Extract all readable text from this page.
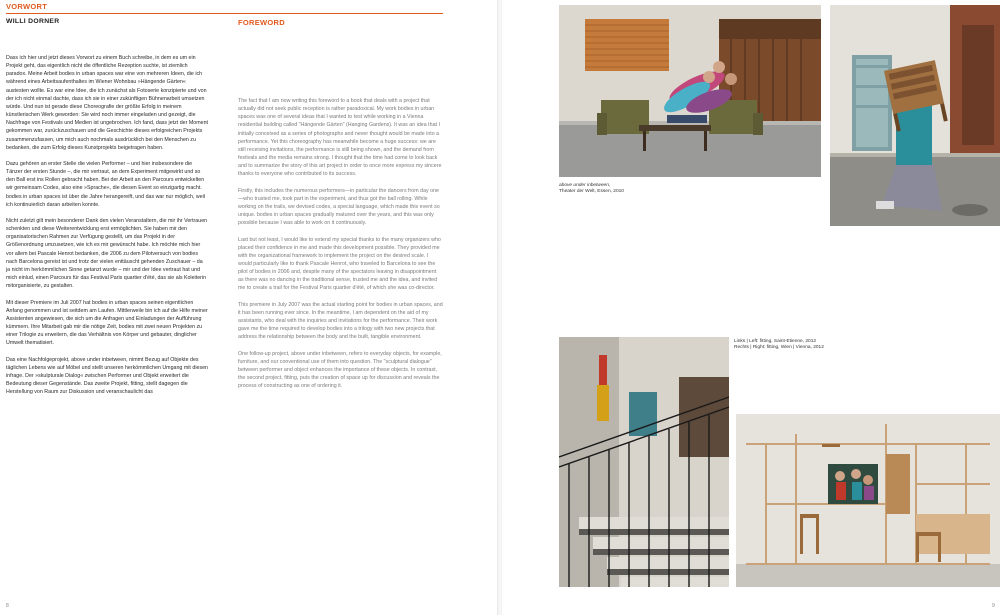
VORWORT
WILLI DORNER	FOREWORD

Dass ich hier und jetzt dieses Vorwort zu einem Buch schreibe, in dem es um ein Projekt geht, das eigentlich nicht die öffentliche Rezeption suchte, ist ziemlich paradox. Meine Arbeit bodies in urban spaces war eine von mehreren Ideen, die ich während eines Arbeitsaufenthaltes im Wiener Wohnbau »Hängende Gärten« austesten wollte. Es war eine Idee, die ich zunächst als Fotoserie konzipierte und von der ich nicht einmal dachte, dass ich sie in einer zukünftigen Bühnenarbeit umsetzen würde. Und nun ist gerade diese Choreografie der größte Erfolg in meinem künstlerischen Werk geworden: Sie wird noch immer eingeladen und gezeigt, die Nachfrage von Festivals und Medien ist ungebrochen. Ich fand, dass jetzt der Moment gekommen war, zurückzuschauen und die Geschichte dieses erfolgreichen Projekts zusammenzufassen, um mich auch nochmals ausdrücklich bei den Menschen zu bedanken, die zum Erfolg dieses Kunstprojekts beigetragen haben.

Dazu gehören an erster Stelle die vielen Performer – und hier insbesondere die Tänzer der ersten Stunde –, die mir vertraut, an dem Experiment mitgewirkt und so den Ball erst ins Rollen gebracht haben. Bei der Arbeit an den Parcours entwickelten wir gemeinsam Codes, also eine »Sprache«, die diesen Event so einzigartig macht. bodies in urban spaces ist über die Jahre herangereift, und das war nur möglich, weil ich kontinuierlich daran arbeiten konnte.

Nicht zuletzt gilt mein besonderer Dank den vielen Veranstaltern, die mir ihr Vertrauen schenkten und diese Weiterentwicklung erst ermöglichten. Sie haben mir den organisatorischen Rahmen zur Verfügung gestellt, um das Projekt in der Größenordnung umzusetzen, wie ich es mir gewünscht habe. Ich möchte mich hier vor allem bei Pascale Henrot bedanken, die 2006 zu dem Pilotversuch von bodies nach Barcelona gereist ist und trotz der vielen enttäuscht gehenden Zuschauer – da ja nicht im herkömmlichen Sinne getanzt wurde – mir und der Idee vertraut hat und mich einlud, einen Parcours für das Festival Paris quartier d'été, das sie als Koleiterin mitorganisierte, zu gestalten.

Mit dieser Premiere im Juli 2007 hat bodies in urban spaces seinen eigentlichen Anfang genommen und ist seitdem am Laufen. Mittlerweile bin ich auf die Hilfe meiner Assistenten angewiesen, die sich um die Anfragen und Einladungen der Aufführung kümmern. Ihre Mitarbeit gab mir die nötige Zeit, bodies mit zwei neuen Projekten zu einer Trilogie zu erweitern, die das Verhältnis von Körper und gebauter, dinglicher Umwelt thematisiert.

Das eine Nachfolgeprojekt, above under inbetween, nimmt Bezug auf Objekte des täglichen Lebens wie auf Möbel und stellt unseren herkömmlichen Umgang mit diesen infrage. Der »skulpturale Dialog« zwischen Performer und Objekt erweitert die Bedeutung dieser Gegenstände. Das zweite Projekt, fitting, stellt dagegen die Herstellung von Raum zur Diskussion und veranschaulicht das

The fact that I am now writing this foreword to a book that deals with a project that actually did not seek public reception is rather paradoxical. My work bodies in urban spaces was one of several ideas that I wanted to test while working in a Vienna residential building called "Hängende Gärten" (Hanging Gardens). It was an idea that I initially conceived as a series of photographs and never thought would be made into a performance. Yet this choreography has meanwhile become a huge success: we are still receiving invitations, the performance is still being shown, and the demand from festivals and the media remains strong. I thought that the time had come to look back and to summarize the story of this art project in order to once more express my sincere thanks to everyone who contributed to its success.

Firstly, this includes the numerous performers—in particular the dancers from day one—who trusted me, took part in the experiment, and thus got the ball rolling. While working on the trails, we devised codes, a special language, which made this event so unique. bodies in urban spaces gradually matured over the years, and this was only possible because I was able to work on it continuously.

Last but not least, I would like to extend my special thanks to the many organizers who placed their confidence in me and made this development possible. They provided me with the organizational framework to implement the project on the desired scale. I would particularly like to thank Pascale Henrot, who traveled to Barcelona to see the pilot of bodies in 2006 and, despite many of the spectators leaving in disappointment as there was no dancing in the traditional sense, trusted me and the idea, and invited me to create a trail for the Festival Paris quartier d'été, of which she was co-director.

This premiere in July 2007 was the actual starting point for bodies in urban spaces, and it has been running ever since. In the meantime, I am dependent on the aid of my assistants, who deal with the inquiries and invitations for the performance. Their work gave me the time required to develop bodies into a trilogy with two new projects that address the relationship between the body and the built, tangible environment.

One follow-up project, above under inbetween, refers to everyday objects, for example, furniture, and our conventional use of them into question. The "sculptural dialogue" between performer and object enhances the importance of these objects. In contrast, the second project, fitting, puts the creation of space up for discussion and reveals the process of constructing as one of ordering it.

8
above under inbetween,
Theater der Welt, Essen, 2010
Links | Left: fitting, Saint-Etienne, 2012
Rechts | Right: fitting, Wien | Vienna, 2012
9
